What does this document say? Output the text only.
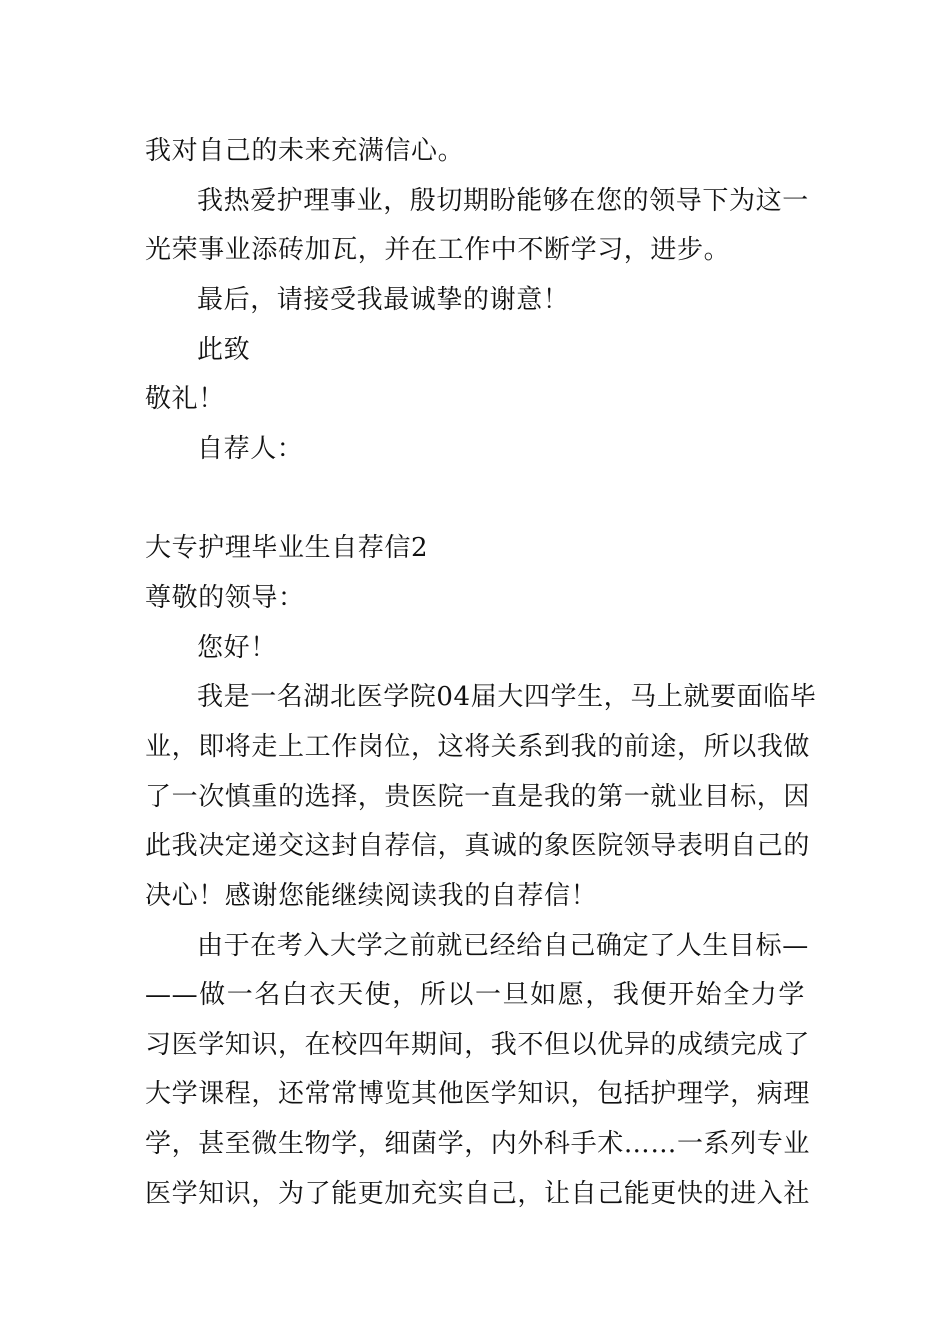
我对自己的未来充满信心。

我热爱护理事业，殷切期盼能够在您的领导下为这一

光荣事业添砖加瓦，并在工作中不断学习，进步。

最后，请接受我最诚挚的谢意！

此致

敬礼！

自荐人：

大专护理毕业生自荐信2

尊敬的领导：

您好！

我是一名湖北医学院04届大四学生，马上就要面临毕

业，即将走上工作岗位，这将关系到我的前途，所以我做

了一次慎重的选择，贵医院一直是我的第一就业目标，因

此我决定递交这封自荐信，真诚的象医院领导表明自己的

决心！感谢您能继续阅读我的自荐信！

由于在考入大学之前就已经给自己确定了人生目标—

——做一名白衣天使，所以一旦如愿，我便开始全力学

习医学知识，在校四年期间，我不但以优异的成绩完成了

大学课程，还常常博览其他医学知识，包括护理学，病理

学，甚至微生物学，细菌学，内外科手术……一系列专业

医学知识，为了能更加充实自己，让自己能更快的进入社
